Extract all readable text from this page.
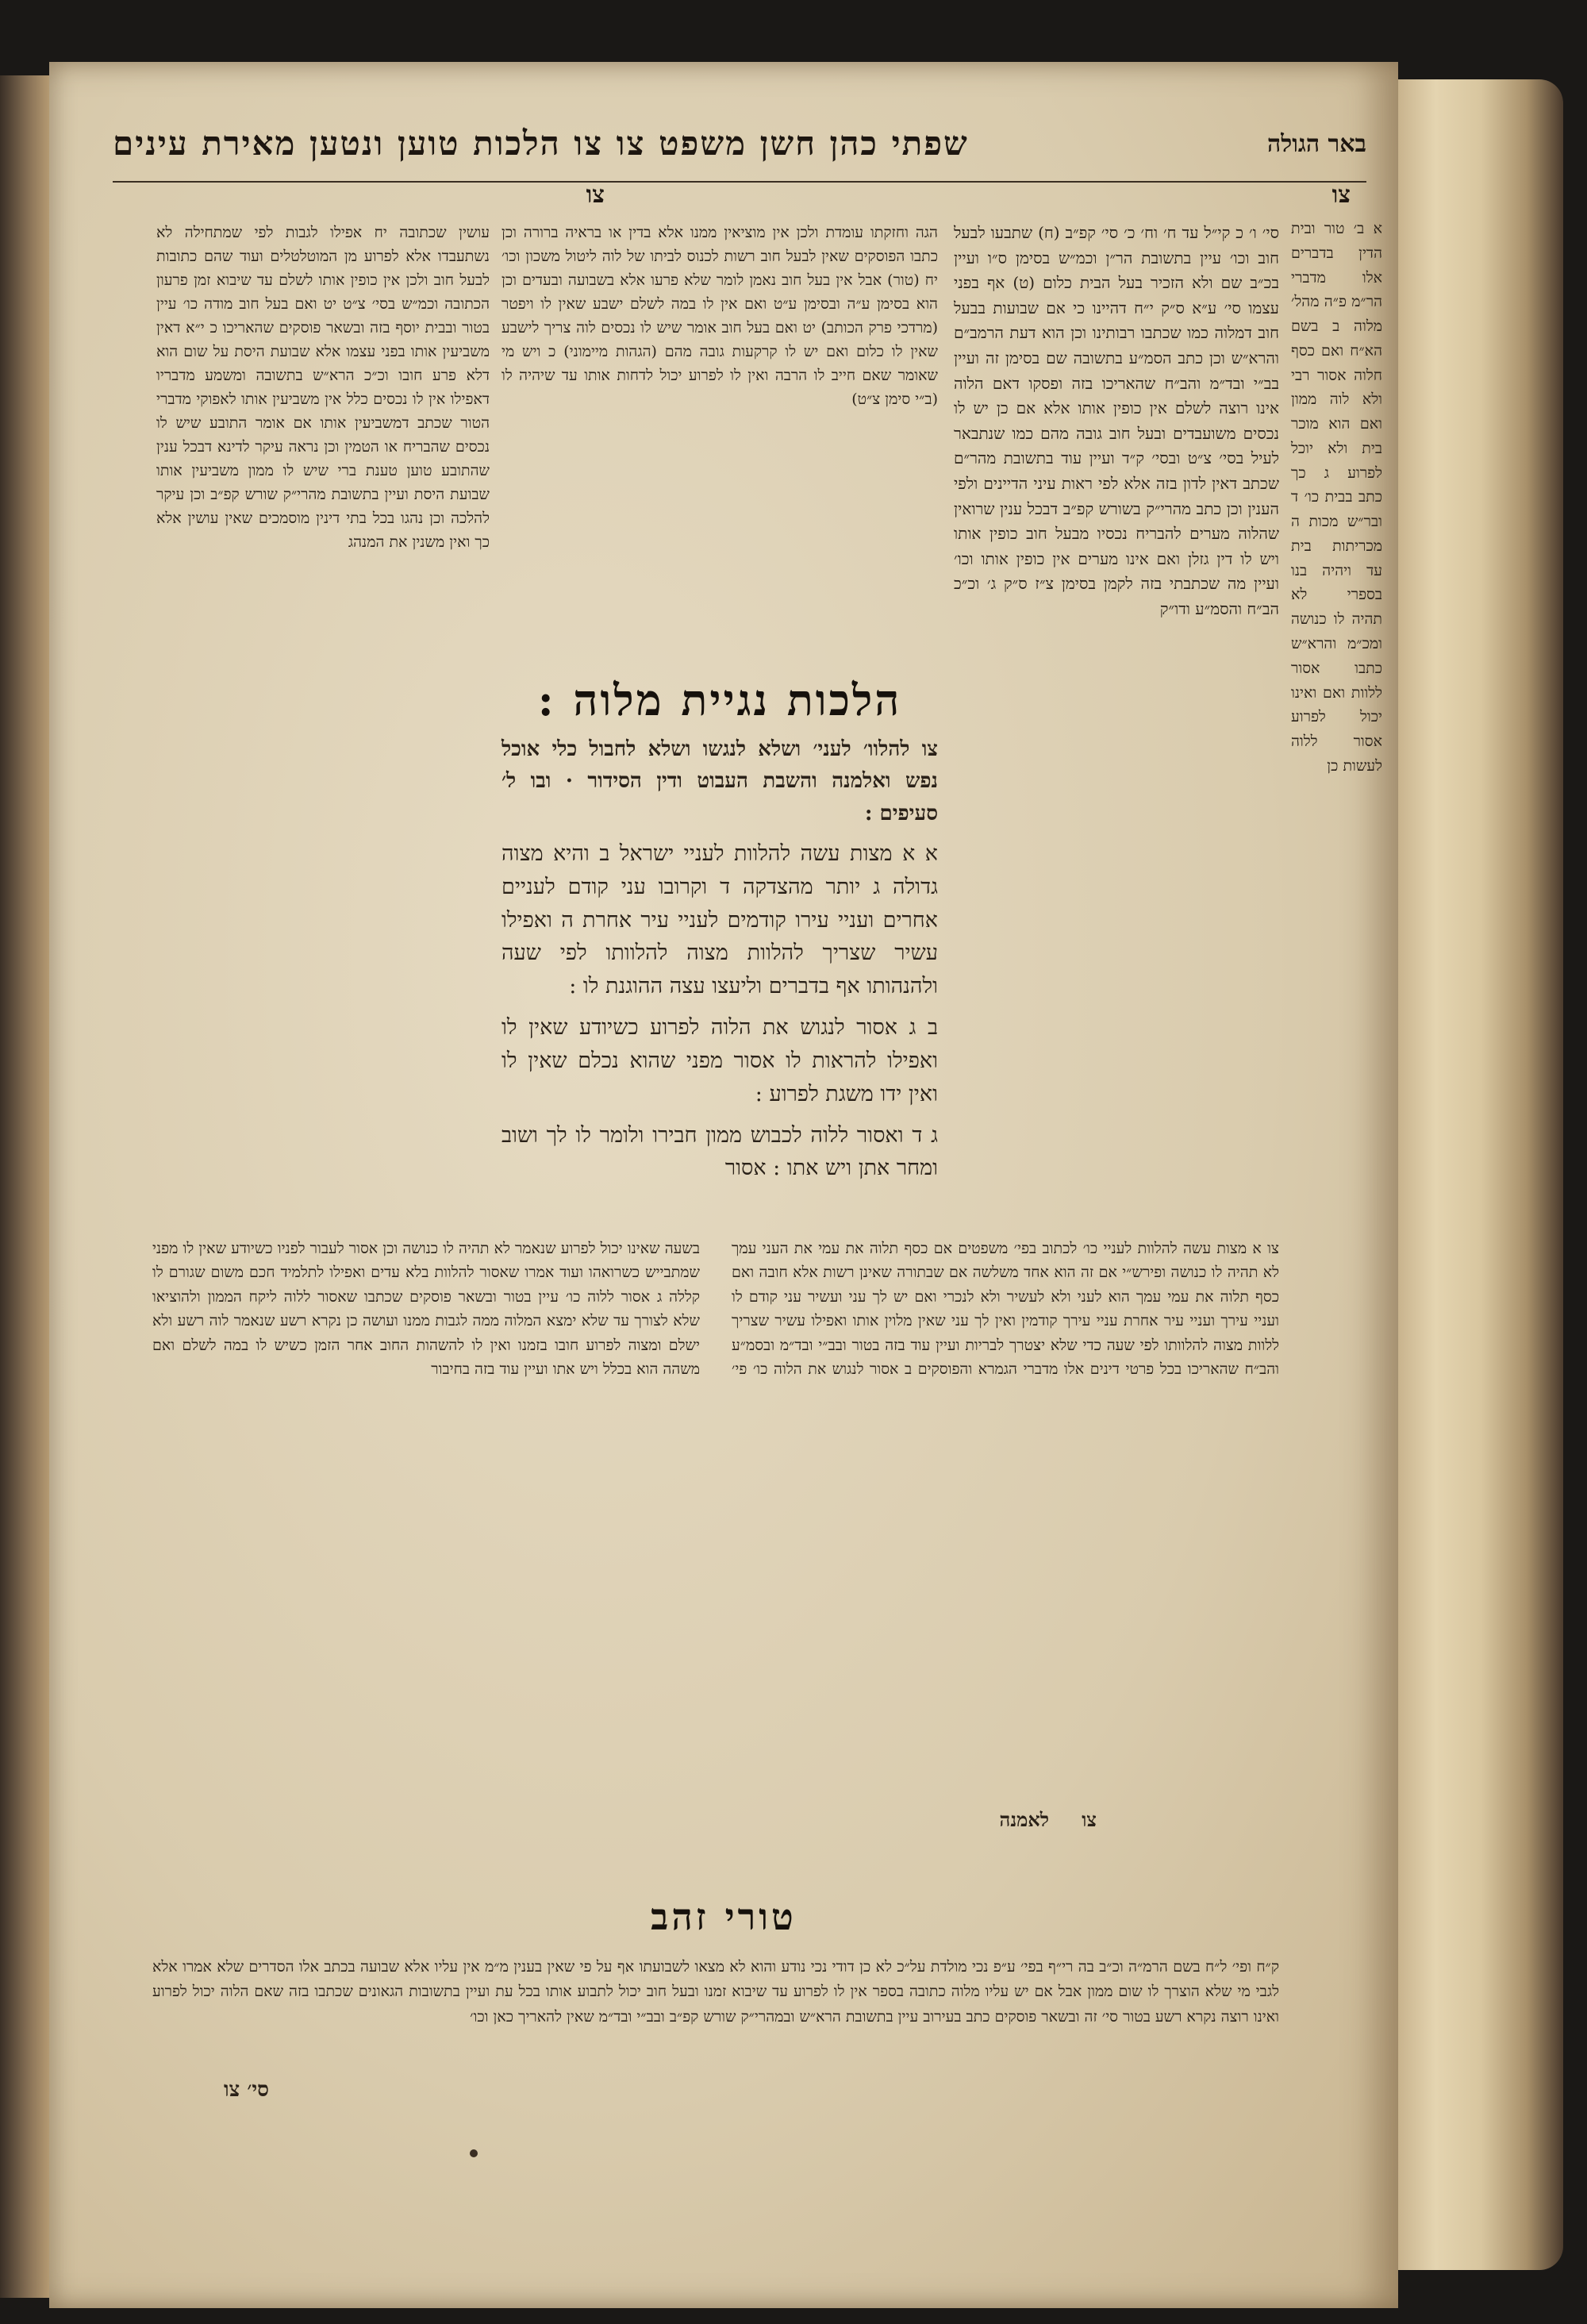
באר הגולה
שפתי כהן חשן משפט צו צו הלכות טוען ונטען מאירת עינים
צו
צו
א ב׳ טור ובית הדין בדברים אלו מדברי הר״מ פ״ה מהל׳ מלוה ב בשם הא״ח ואם כסף חלוה אסור רבי ולא לוה ממון ואם הוא מוכר בית ולא יוכל לפרוע ג כך כתב בבית כו׳ ד ובר״ש מכות ה מכריתות בית עד ויהיה בנו בספרי לא תהיה לו כנושה ומכ״מ והרא״ש כתבו אסור ללוות ואם ואינו יכול לפרוע אסור ללוה לעשות כן
סי׳ ו׳ כ קי״ל עד ח׳ וח׳ כ׳ סי׳ קפ״ב (ח) שתבעו לבעל חוב וכו׳ עיין בתשובת הר״ן וכמ״ש בסימן ס״ו ועיין בכ״ב שם ולא הזכיר בעל הבית כלום (ט) אף בפני עצמו סי׳ ע״א ס״ק י״ח דהיינו כי אם שבועות בבעל חוב דמלוה כמו שכתבו רבותינו וכן הוא דעת הרמב״ם והרא״ש וכן כתב הסמ״ע בתשובה שם בסימן זה ועיין בב״י ובד״מ והב״ח שהאריכו בזה ופסקו דאם הלוה אינו רוצה לשלם אין כופין אותו אלא אם כן יש לו נכסים משועבדים ובעל חוב גובה מהם כמו שנתבאר לעיל בסי׳ צ״ט ובסי׳ ק״ד ועיין עוד בתשובת מהר״ם שכתב דאין לדון בזה אלא לפי ראות עיני הדיינים ולפי הענין וכן כתב מהרי״ק בשורש קפ״ב דבכל ענין שרואין שהלוה מערים להבריח נכסיו מבעל חוב כופין אותו ויש לו דין גזלן ואם אינו מערים אין כופין אותו וכו׳ ועיין מה שכתבתי בזה לקמן בסימן צ״ז ס״ק ג׳ וכ״כ הב״ח והסמ״ע ודו״ק
הגה וחזקתו עומדת ולכן אין מוציאין ממנו אלא בדין או בראיה ברורה וכן כתבו הפוסקים שאין לבעל חוב רשות לכנוס לביתו של לוה ליטול משכון וכו׳ יח (טור) אבל אין בעל חוב נאמן לומר שלא פרעו אלא בשבועה ובעדים וכן הוא בסימן ע״ה ובסימן ע״ט ואם אין לו במה לשלם ישבע שאין לו ויפטר (מרדכי פרק הכותב) יט ואם בעל חוב אומר שיש לו נכסים לוה צריך לישבע שאין לו כלום ואם יש לו קרקעות גובה מהם (הגהות מיימוני) כ ויש מי שאומר שאם חייב לו הרבה ואין לו לפרוע יכול לדחות אותו עד שיהיה לו (ב״י סימן צ״ט)
הלכות נגיית מלוה :
צו להלוו׳ לעני׳ ושלא לנגשו ושלא לחבול כלי אוכל נפש ואלמנה והשבת העבוט ודין הסידור · ובו ל׳ סעיפים :
א א מצות עשה להלוות לעניי ישראל ב והיא מצוה גדולה ג יותר מהצדקה ד וקרובו עני קודם לעניים אחרים ועניי עירו קודמים לעניי עיר אחרת ה ואפילו עשיר שצריך להלוות מצוה להלוותו לפי שעה ולהנהותו אף בדברים וליעצו עצה ההוגנת לו :
ב ג אסור לנגוש את הלוה לפרוע כשיודע שאין לו ואפילו להראות לו אסור מפני שהוא נכלם שאין לו ואין ידו משגת לפרוע :
ג ד ואסור ללוה לכבוש ממון חבירו ולומר לו לך ושוב ומחר אתן ויש אתו : אסור
עושין שכתובה יח אפילו לגבות לפי שמתחילה לא נשתעבדו אלא לפרוע מן המוטלטלים ועוד שהם כתובות לבעל חוב ולכן אין כופין אותו לשלם עד שיבוא זמן פרעון הכתובה וכמ״ש בסי׳ צ״ט יט ואם בעל חוב מודה כו׳ עיין בטור ובבית יוסף בזה ובשאר פוסקים שהאריכו כ י״א דאין משביעין אותו בפני עצמו אלא שבועת היסת על שום הוא דלא פרע חובו וכ״כ הרא״ש בתשובה ומשמע מדבריו דאפילו אין לו נכסים כלל אין משביעין אותו לאפוקי מדברי הטור שכתב דמשביעין אותו אם אומר התובע שיש לו נכסים שהבריח או הטמין וכן נראה עיקר לדינא דבכל ענין שהתובע טוען טענת ברי שיש לו ממון משביעין אותו שבועת היסת ועיין בתשובת מהרי״ק שורש קפ״ב וכן עיקר להלכה וכן נהגו בכל בתי דינין מוסמכים שאין עושין אלא כך ואין משנין את המנהג
צו א מצות עשה להלוות לעניי כו׳ לכתוב בפי׳ משפטים אם כסף תלוה את עמי את העני עמך לא תהיה לו כנושה ופירש״י אם זה הוא אחד משלשה אם שבתורה שאינן רשות אלא חובה ואם כסף תלוה את עמי עמך הוא לעני ולא לעשיר ולא לנכרי ואם יש לך עני ועשיר עני קודם לו ועניי עירך ועניי עיר אחרת עניי עירך קודמין ואין לך עני שאין מלוין אותו ואפילו עשיר שצריך ללוות מצוה להלוותו לפי שעה כדי שלא יצטרך לבריות ועיין עוד בזה בטור ובב״י ובד״מ ובסמ״ע והב״ח שהאריכו בכל פרטי דינים אלו מדברי הגמרא והפוסקים ב אסור לנגוש את הלוה כו׳ פי׳ בשעה שאינו יכול לפרוע שנאמר לא תהיה לו כנושה וכן אסור לעבור לפניו כשיודע שאין לו מפני שמתבייש כשרואהו ועוד אמרו שאסור להלוות בלא עדים ואפילו לתלמיד חכם משום שגורם לו קללה ג אסור ללוה כו׳ עיין בטור ובשאר פוסקים שכתבו שאסור ללוה ליקח הממון ולהוציאו שלא לצורך עד שלא ימצא המלוה ממה לגבות ממנו ועושה כן נקרא רשע שנאמר לוה רשע ולא ישלם ומצוה לפרוע חובו בזמנו ואין לו להשהות החוב אחר הזמן כשיש לו במה לשלם ואם משהה הוא בכלל ויש אתו ועיין עוד בזה בחיבור
צו
לאמנה
טורי זהב
ק״ח ופי׳ ל״ח בשם הרמ״ה וכ״ב בה רי״ף בפי׳ ע״פ נכי מולדת על״כ לא כן דודי נכי נודע והוא לא מצאו לשבועתו אף על פי שאין בענין מ״מ אין עליו אלא שבועה בכתב אלו הסדרים שלא אמרו אלא לגבי מי שלא הוצרך לו שום ממון אבל אם יש עליו מלוה כתובה בספר אין לו לפרוע עד שיבוא זמנו ובעל חוב יכול לתבוע אותו בכל עת ועיין בתשובות הגאונים שכתבו בזה שאם הלוה יכול לפרוע ואינו רוצה נקרא רשע בטור סי׳ זה ובשאר פוסקים כתב בעירוב עיין בתשובת הרא״ש ובמהרי״ק שורש קפ״ב ובב״י ובד״מ שאין להאריך כאן וכו׳
סי׳ צו
